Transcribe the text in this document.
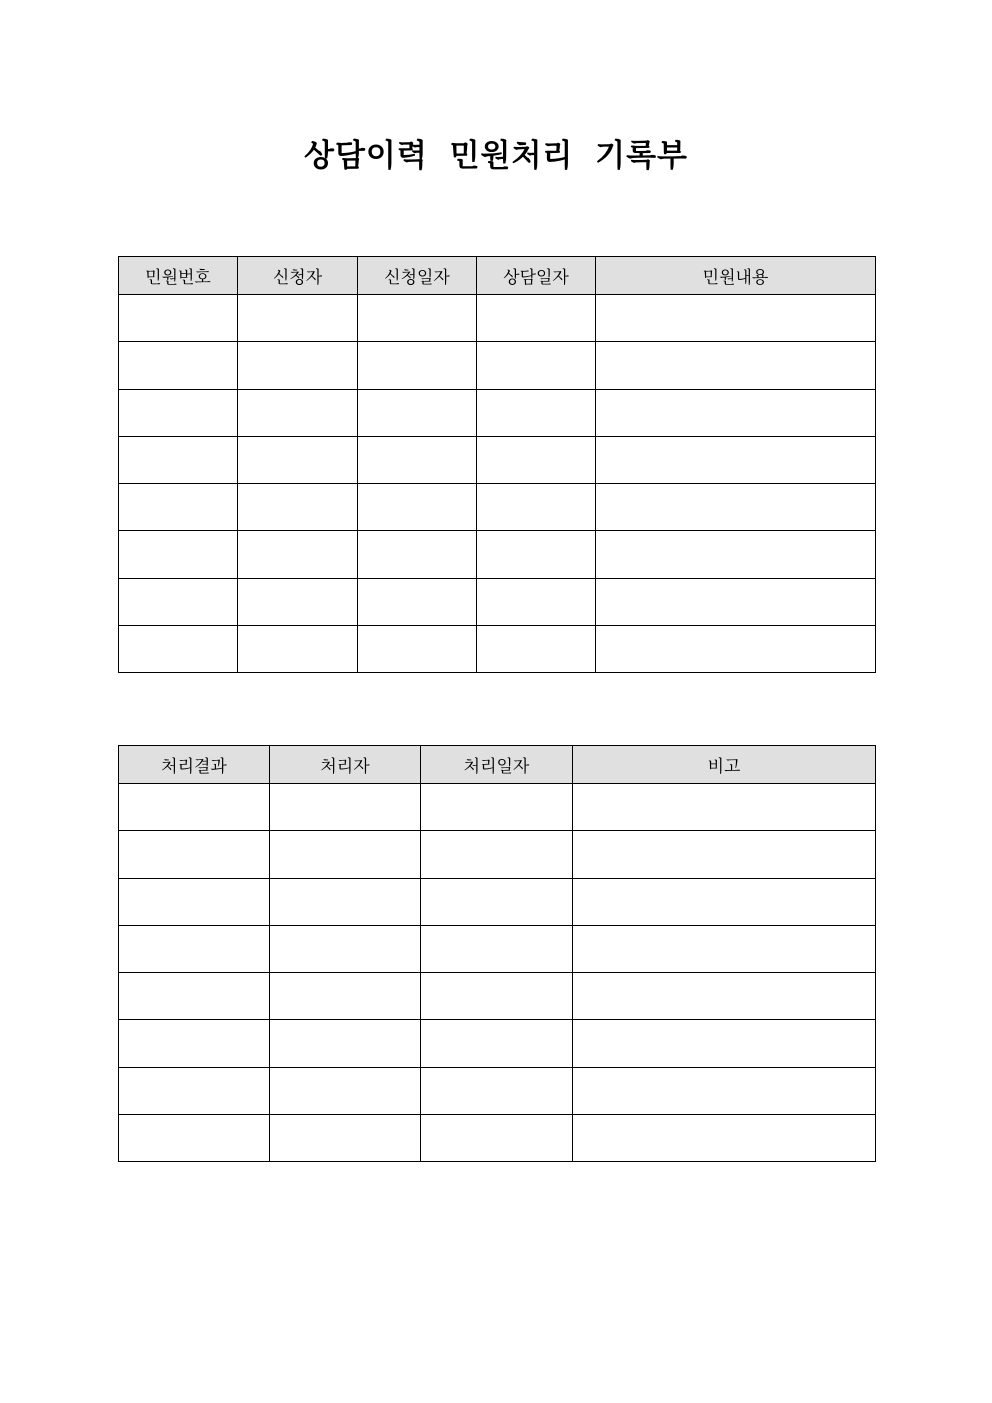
상담이력 민원처리 기록부
민원번호	신청자	신청일자	상담일자	민원내용

처리결과	처리자	처리일자	비고
